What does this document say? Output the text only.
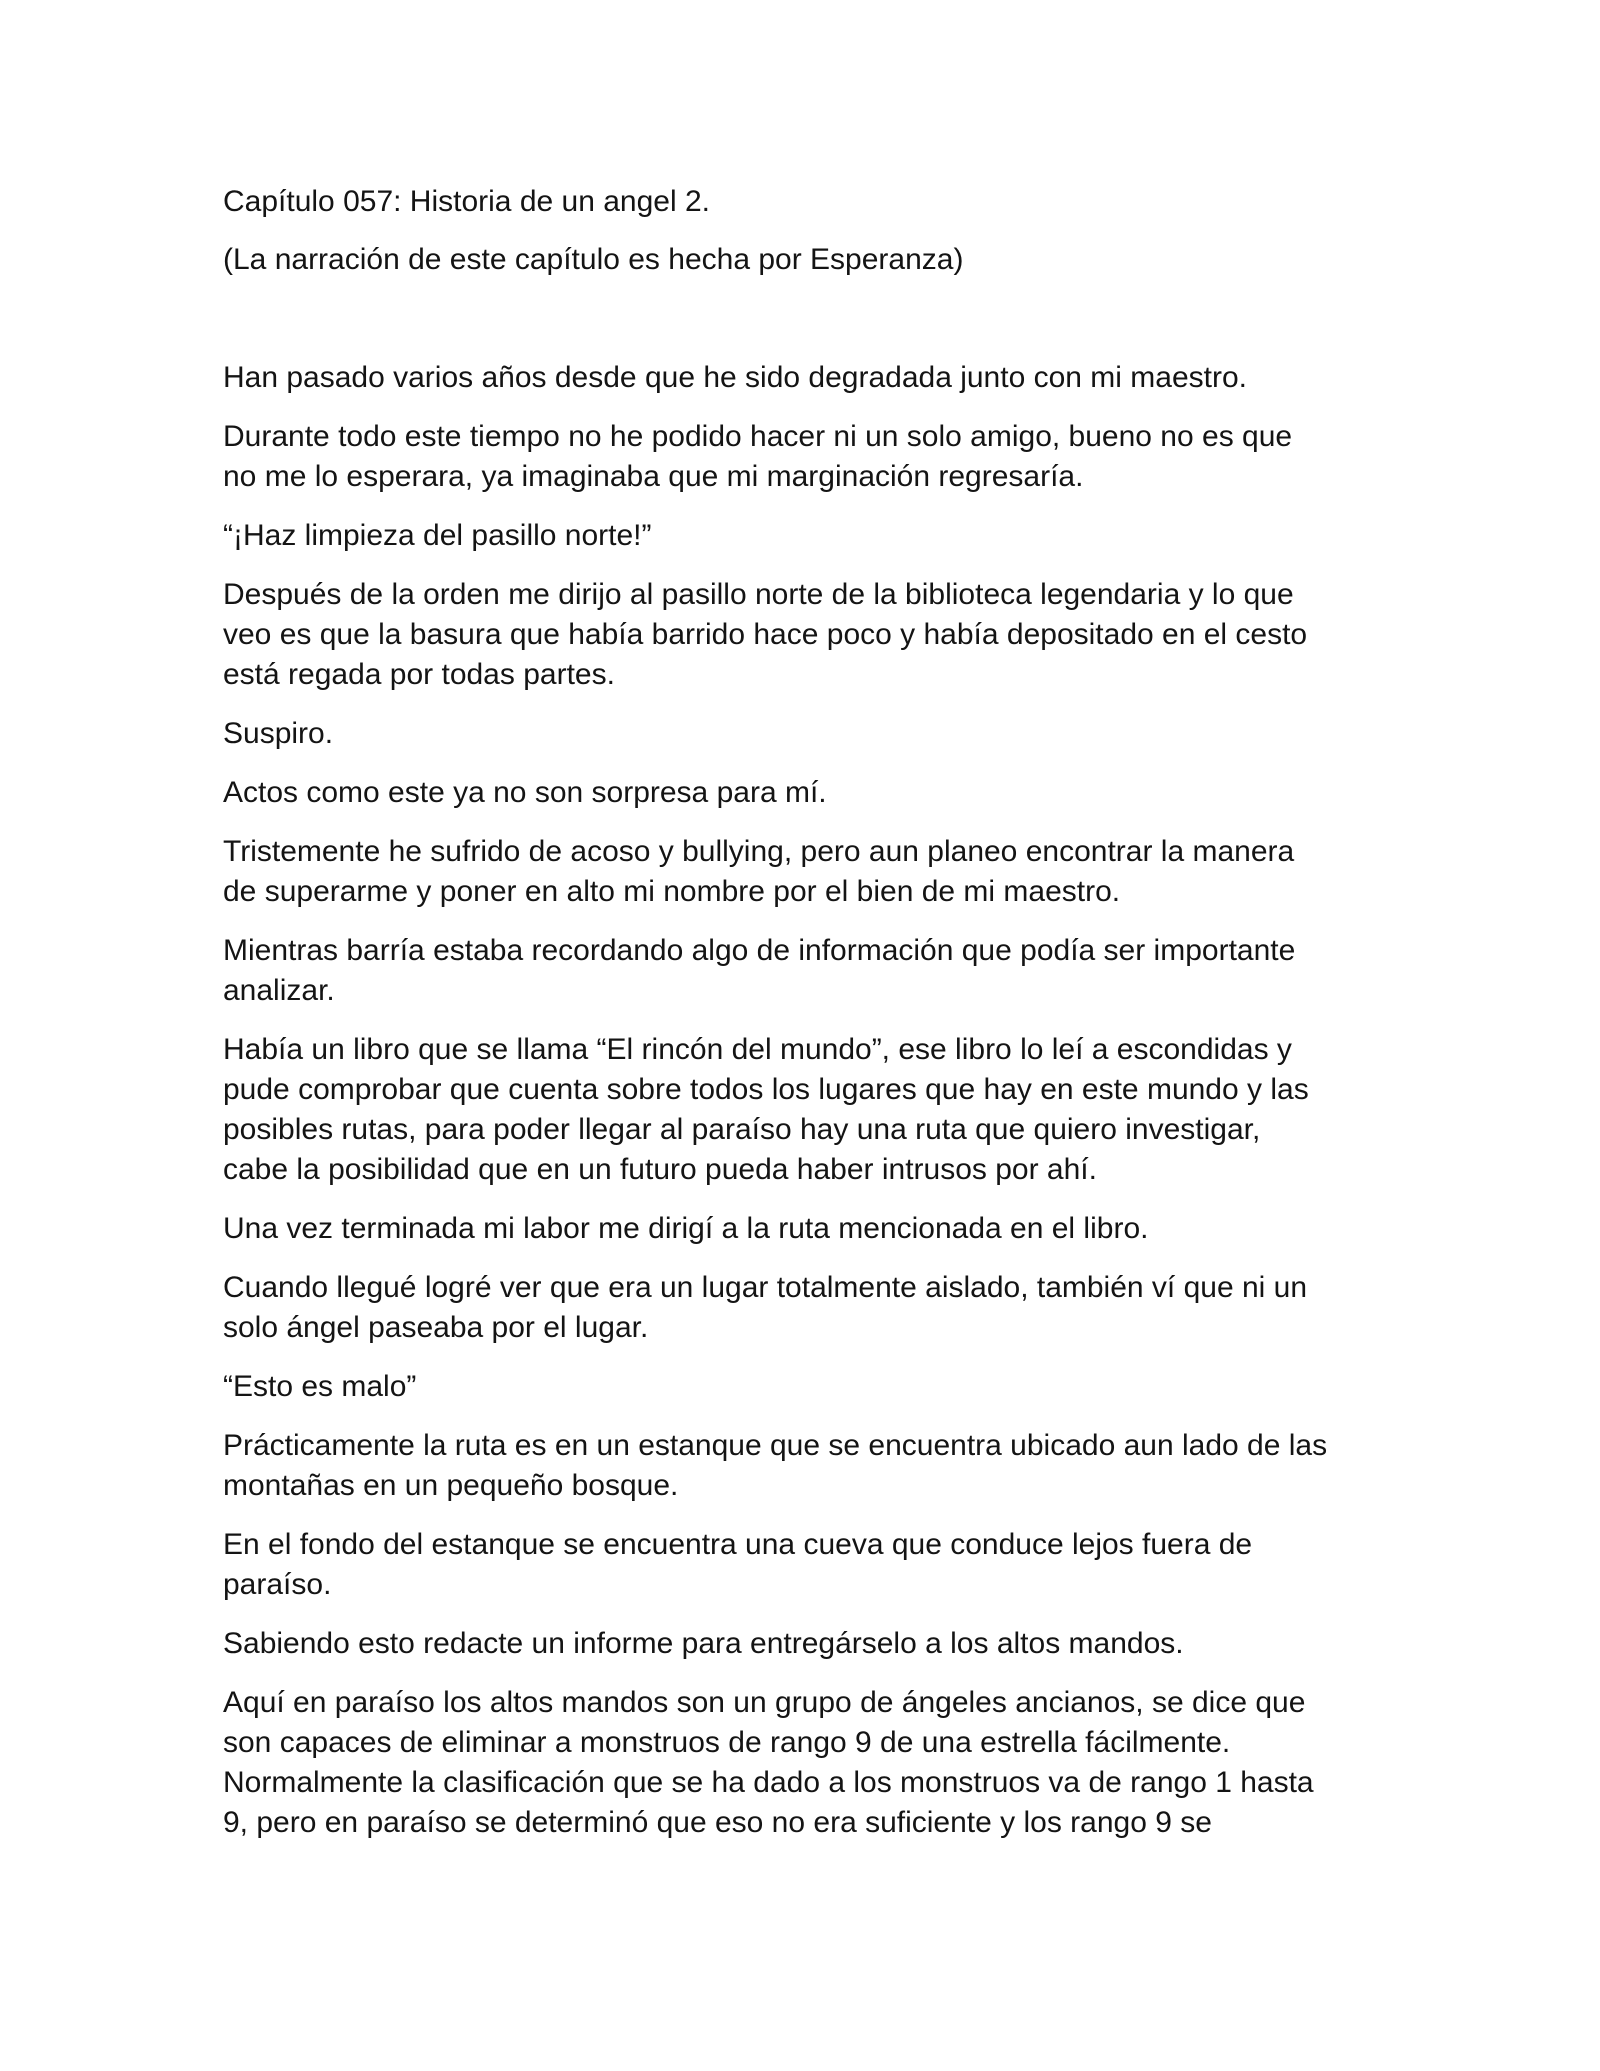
Capítulo 057: Historia de un angel 2.

(La narración de este capítulo es hecha por Esperanza)

Han pasado varios años desde que he sido degradada junto con mi maestro.
Durante todo este tiempo no he podido hacer ni un solo amigo, bueno no es que
no me lo esperara, ya imaginaba que mi marginación regresaría.
“¡Haz limpieza del pasillo norte!”
Después de la orden me dirijo al pasillo norte de la biblioteca legendaria y lo que
veo es que la basura que había barrido hace poco y había depositado en el cesto
está regada por todas partes.
Suspiro.
Actos como este ya no son sorpresa para mí.
Tristemente he sufrido de acoso y bullying, pero aun planeo encontrar la manera
de superarme y poner en alto mi nombre por el bien de mi maestro.
Mientras barría estaba recordando algo de información que podía ser importante
analizar.
Había un libro que se llama “El rincón del mundo”, ese libro lo leí a escondidas y
pude comprobar que cuenta sobre todos los lugares que hay en este mundo y las
posibles rutas, para poder llegar al paraíso hay una ruta que quiero investigar,
cabe la posibilidad que en un futuro pueda haber intrusos por ahí.
Una vez terminada mi labor me dirigí a la ruta mencionada en el libro.
Cuando llegué logré ver que era un lugar totalmente aislado, también ví que ni un
solo ángel paseaba por el lugar.
“Esto es malo”
Prácticamente la ruta es en un estanque que se encuentra ubicado aun lado de las
montañas en un pequeño bosque.
En el fondo del estanque se encuentra una cueva que conduce lejos fuera de
paraíso.
Sabiendo esto redacte un informe para entregárselo a los altos mandos.
Aquí en paraíso los altos mandos son un grupo de ángeles ancianos, se dice que
son capaces de eliminar a monstruos de rango 9 de una estrella fácilmente.
Normalmente la clasificación que se ha dado a los monstruos va de rango 1 hasta
9, pero en paraíso se determinó que eso no era suficiente y los rango 9 se
